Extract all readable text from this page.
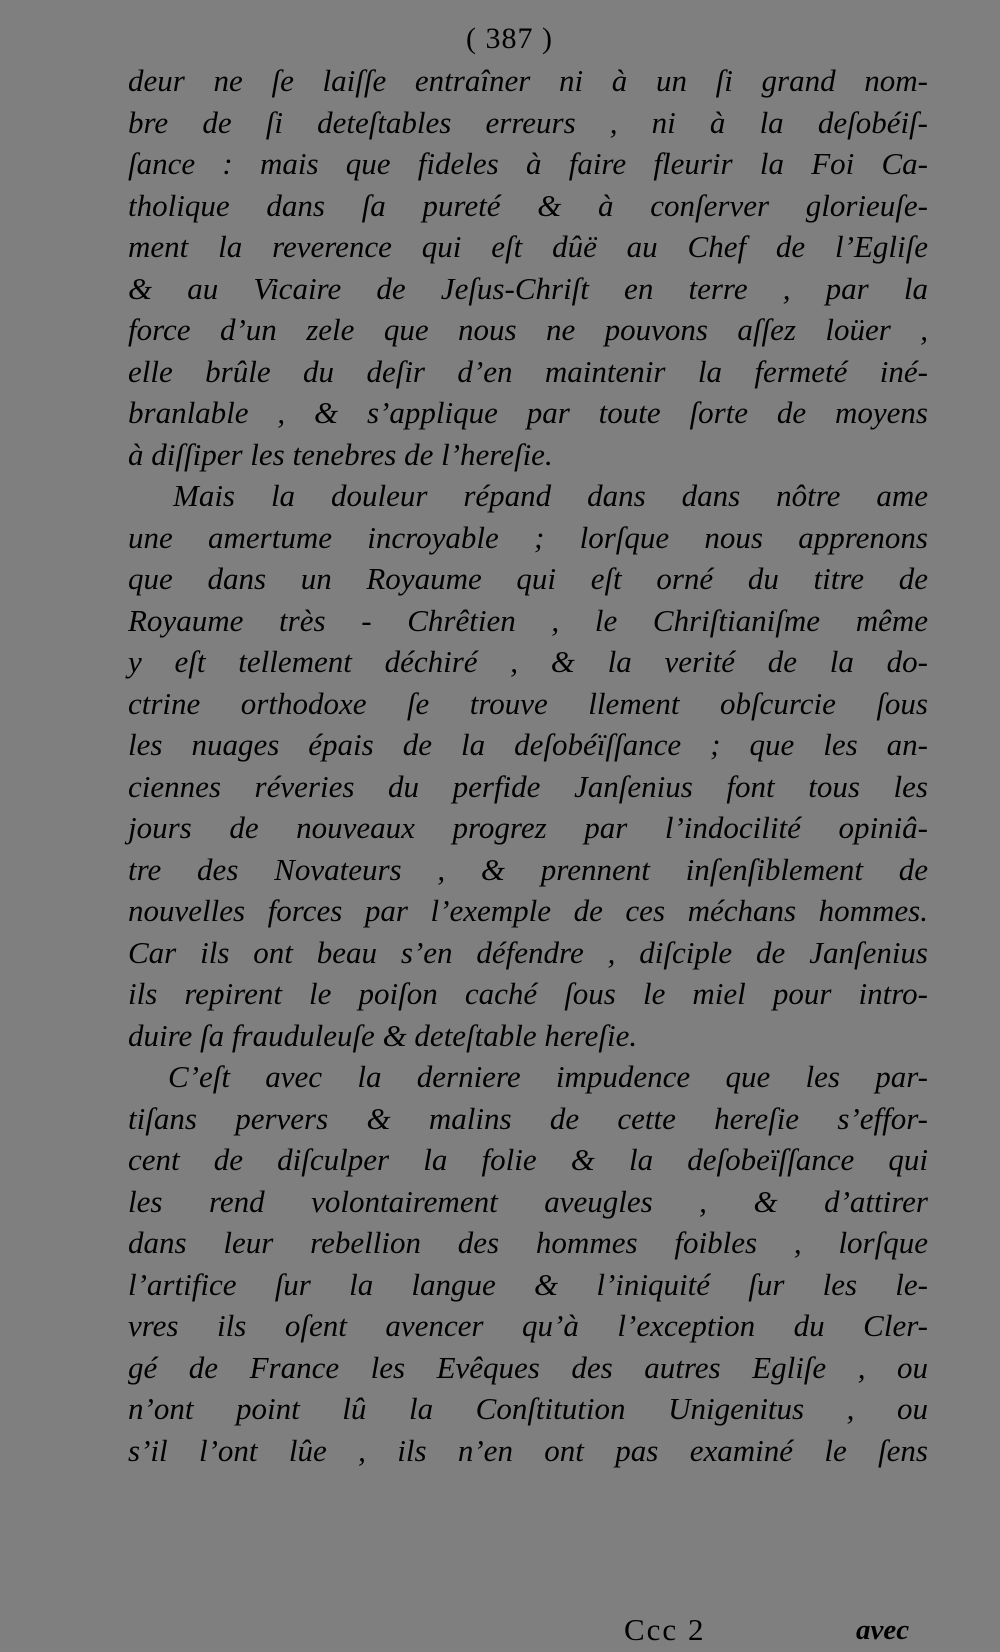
( 387 )
deur ne ſe laiſſe entraîner ni à un ſi grand nom-
bre de ſi deteſtables erreurs , ni à la deſobéiſ-
ſance : mais que fideles à faire fleurir la Foi Ca-
tholique dans ſa pureté & à conſerver glorieuſe-
ment la reverence qui eſt dûë au Chef de l’Egliſe
& au Vicaire de Jeſus-Chriſt en terre , par la
force d’un zele que nous ne pouvons aſſez loüer ,
elle brûle du deſir d’en maintenir la fermeté iné-
branlable , & s’applique par toute ſorte de moyens
à diſſiper les tenebres de l’hereſie.
Mais la douleur répand dans dans nôtre ame
une amertume incroyable ; lorſque nous apprenons
que dans un Royaume qui eſt orné du titre de
Royaume très - Chrêtien , le Chriſtianiſme même
y eſt tellement déchiré , & la verité de la do-
ctrine orthodoxe ſe trouve llement obſcurcie ſous
les nuages épais de la deſobéïſſance ; que les an-
ciennes réveries du perfide Janſenius font tous les
jours de nouveaux progrez par l’indocilité opiniâ-
tre des Novateurs , & prennent inſenſiblement de
nouvelles forces par l’exemple de ces méchans hommes.
Car ils ont beau s’en défendre , diſciple de Janſenius
ils repirent le poiſon caché ſous le miel pour intro-
duire ſa frauduleuſe & deteſtable hereſie.
C’eſt avec la derniere impudence que les par-
tiſans pervers & malins de cette hereſie s’effor-
cent de diſculper la folie & la deſobeïſſance qui
les rend volontairement aveugles , & d’attirer
dans leur rebellion des hommes foibles , lorſque
l’artifice ſur la langue & l’iniquité ſur les le-
vres ils oſent avencer qu’à l’exception du Cler-
gé de France les Evêques des autres Egliſe , ou
n’ont point lû la Conſtitution Unigenitus , ou
s’il l’ont lûe , ils n’en ont pas examiné le ſens
Ccc 2	avec
